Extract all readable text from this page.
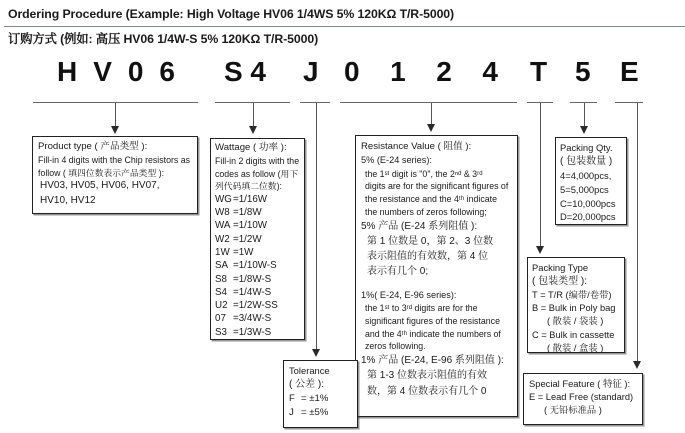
Ordering Procedure (Example: High Voltage HV06 1/4WS 5% 120KΩ T/R-5000)
订购方式 (例如: 高压 HV06 1/4W-S 5% 120KΩ T/R-5000)
H V 0 6 S 4 J 0 1 2 4 T 5 E
Product type ( 产品类型 ):
Fill-in 4 digits with the Chip resistors as
follow ( 填四位数表示产品类型 ):
HV03, HV05, HV06, HV07,
HV10, HV12
Wattage ( 功率 ):
Fill-in 2 digits with the
codes as follow (用下
列代码填二位数):
WG =1/16W
W8 =1/8W
WA =1/10W
W2 =1/2W
1W =1W
SA =1/10W-S
S8 =1/8W-S
S4 =1/4W-S
U2 =1/2W-SS
07 =3/4W-S
S3 =1/3W-S
Resistance Value ( 阻值 ):
5% (E-24 series):
the 1ˢᵗ digit is "0", the 2ⁿᵈ & 3ʳᵈ
digits are for the significant figures of
the resistance and the 4ᵗʰ indicate
the numbers of zeros following;
5% 产品 (E-24 系列阻值 ):
第 1 位数是 0，第 2、3 位数
表示阻值的有效数，第 4 位
表示有几个 0;
1%( E-24, E-96 series):
the 1ˢᵗ to 3ʳᵈ digits are for the
significant figures of the resistance
and the 4ᵗʰ indicate the numbers of
zeros following.
1% 产品 (E-24, E-96 系列阻值 ):
第 1-3 位数表示阻值的有效
数，第 4 位数表示有几个 0
Packing Qty.
( 包装数量 )
4=4,000pcs,
5=5,000pcs
C=10,000pcs
D=20,000pcs
Packing Type
( 包装类型 ):
T = T/R (编带/卷带)
B = Bulk in Poly bag
( 散装 / 袋装 )
C = Bulk in cassette
( 散装 / 盒装 )
Tolerance
( 公差 ):
F = ±1%
J = ±5%
Special Feature ( 特征 ):
E = Lead Free (standard)
( 无铅标准品 )
